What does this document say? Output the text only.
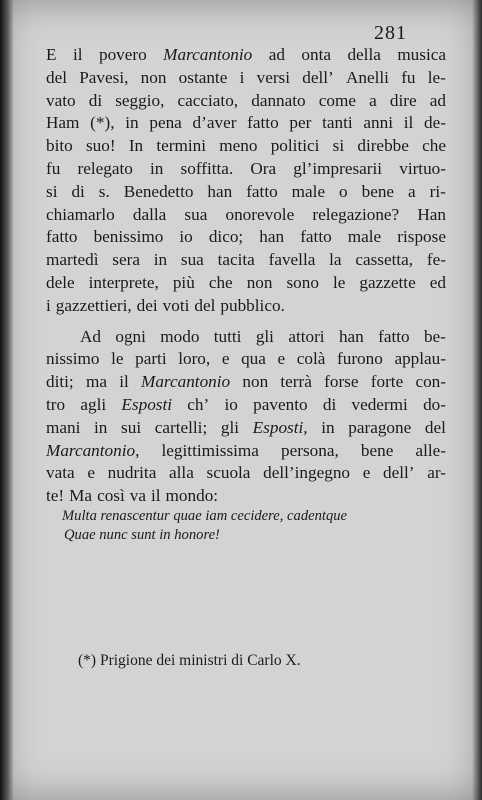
281
E il povero Marcantonio ad onta della musica
del Pavesi, non ostante i versi dell’ Anelli fu le-
vato di seggio, cacciato, dannato come a dire ad
Ham (*), in pena d’aver fatto per tanti anni il de-
bito suo! In termini meno politici si direbbe che
fu relegato in soffitta. Ora gl’impresarii virtuo-
si di s. Benedetto han fatto male o bene a ri-
chiamarlo dalla sua onorevole relegazione? Han
fatto benissimo io dico; han fatto male rispose
martedì sera in sua tacita favella la cassetta, fe-
dele interprete, più che non sono le gazzette ed
i gazzettieri, dei voti del pubblico.
Ad ogni modo tutti gli attori han fatto be-
nissimo le parti loro, e qua e colà furono applau-
diti; ma il Marcantonio non terrà forse forte con-
tro agli Esposti ch’ io pavento di vedermi do-
mani in sui cartelli; gli Esposti, in paragone del
Marcantonio, legittimissima persona, bene alle-
vata e nudrita alla scuola dell’ingegno e dell’ ar-
te! Ma così va il mondo:
Multa renascentur quae iam cecidere, cadentque
Quae nunc sunt in honore!
(*) Prigione dei ministri di Carlo X.
